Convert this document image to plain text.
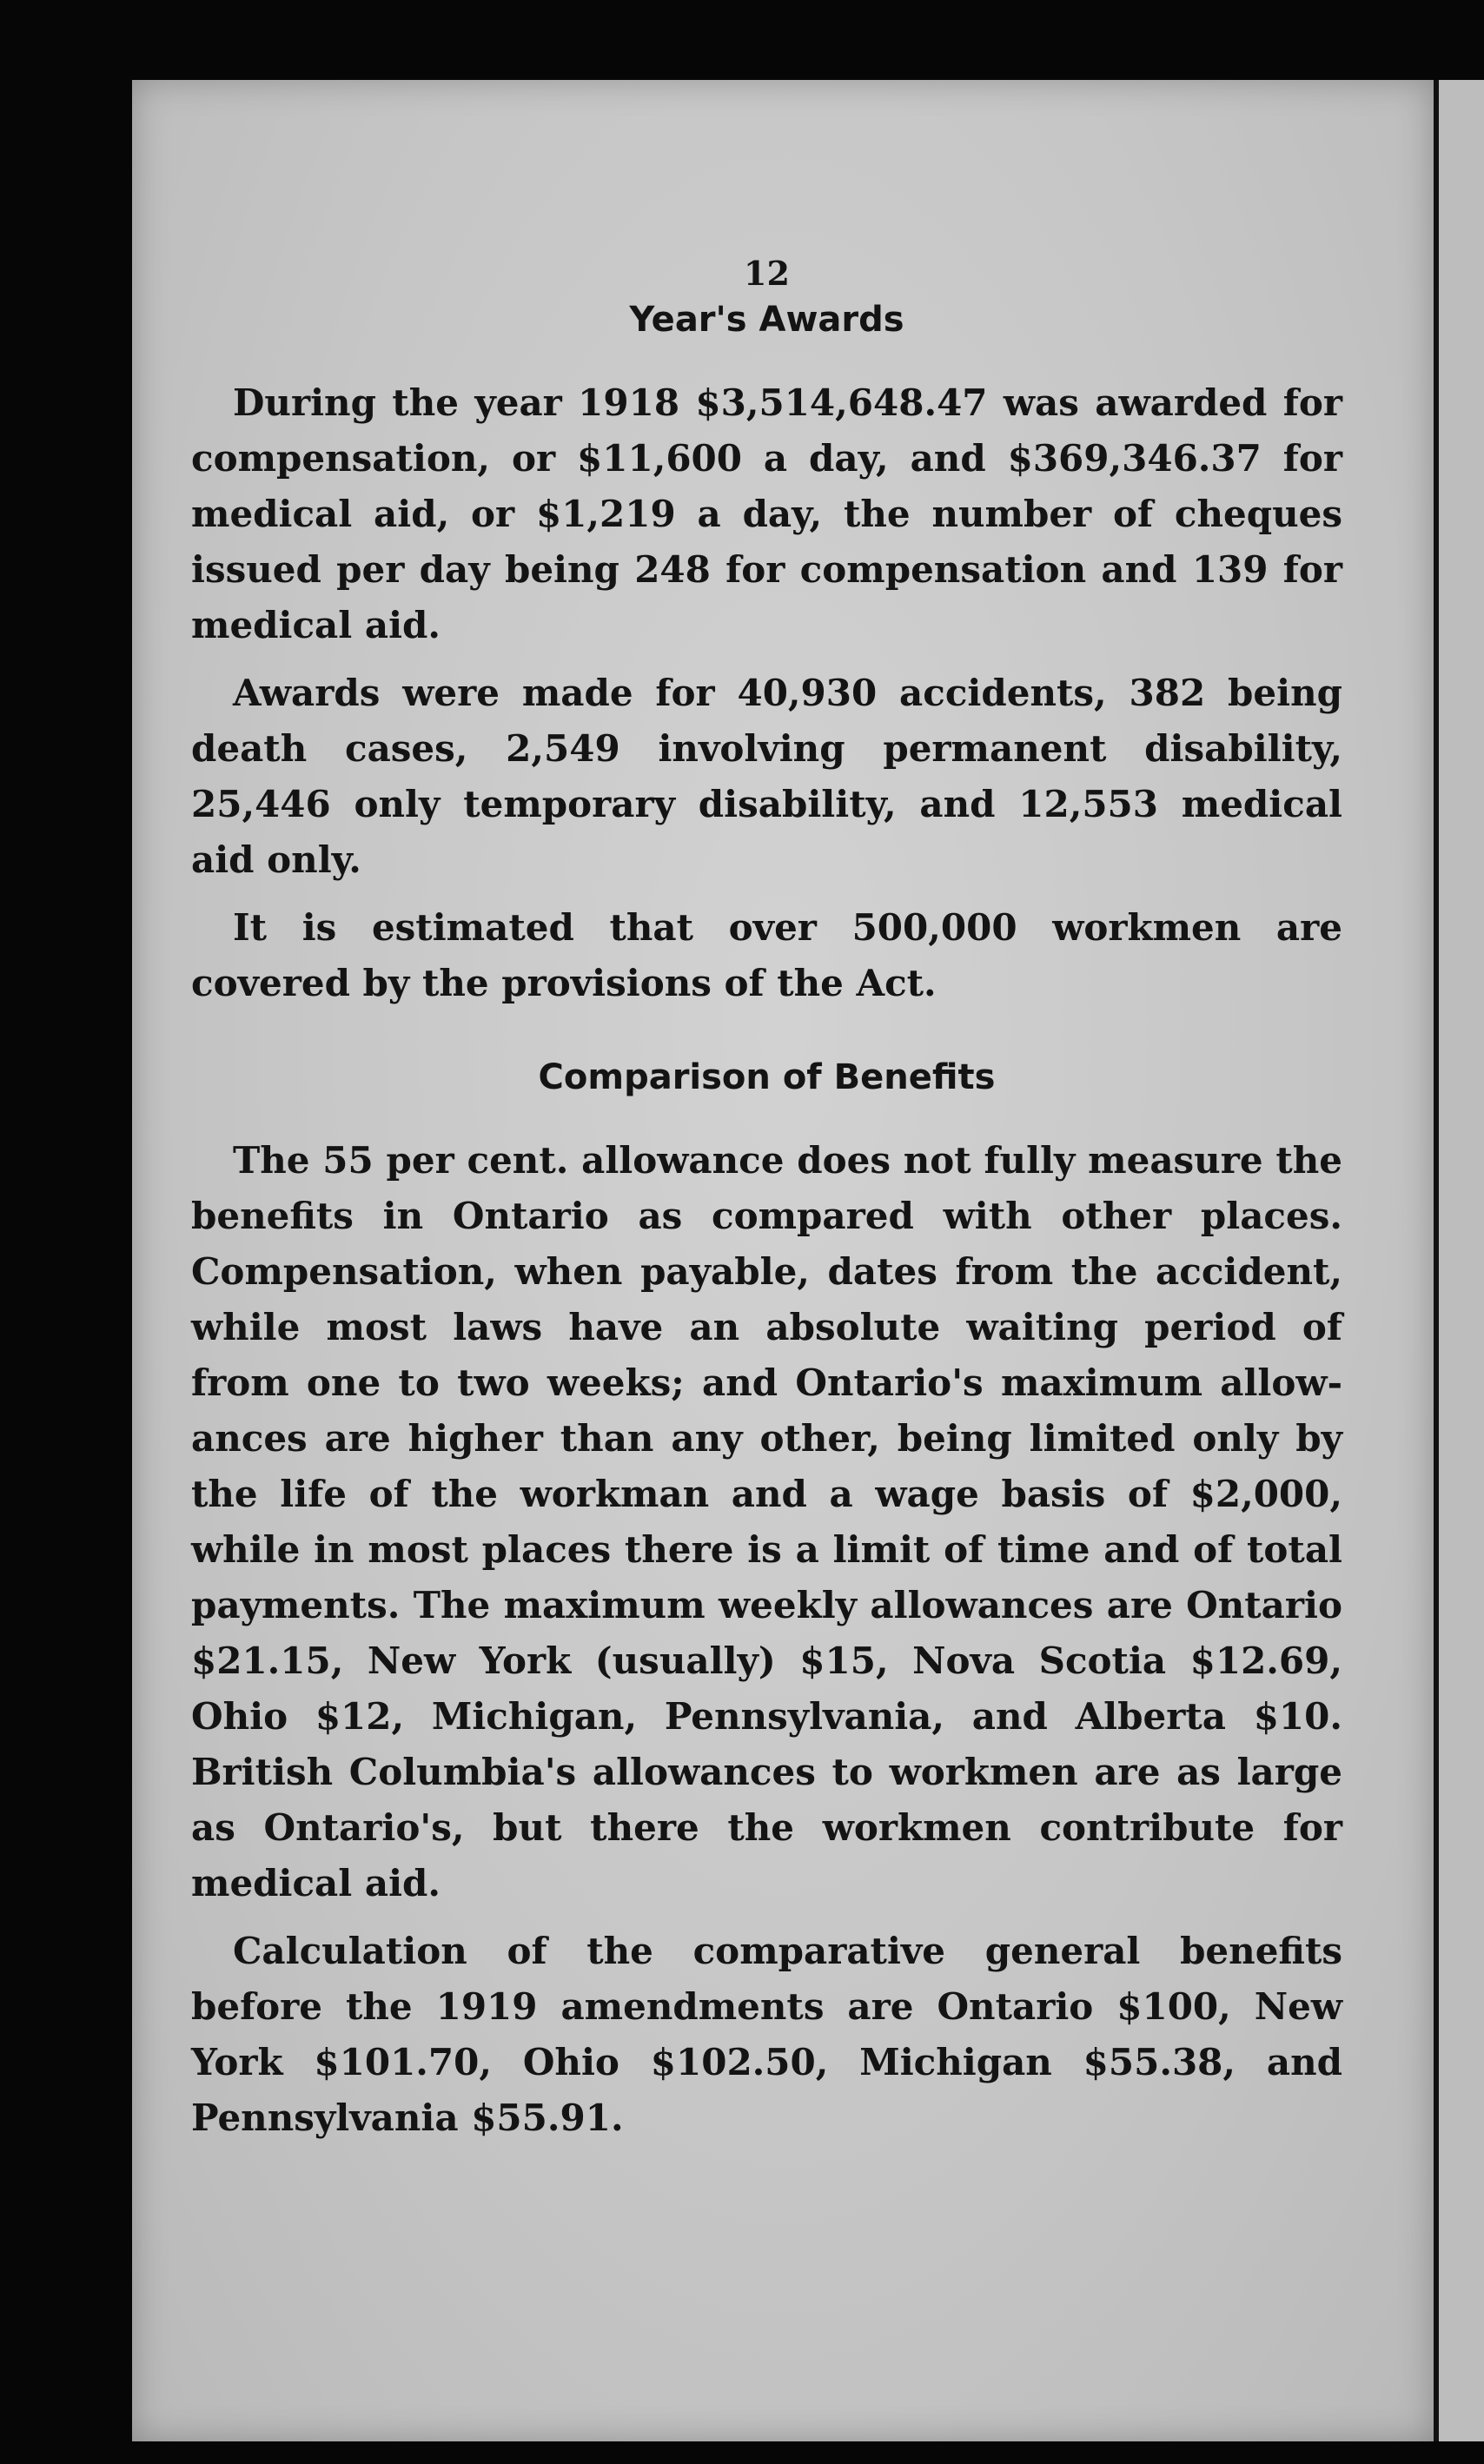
12
Year's Awards

During the year 1918 $3,514,648.47 was awarded for compensation, or $11,600 a day, and $369,346.37 for medical aid, or $1,219 a day, the number of cheques issued per day being 248 for compensation and 139 for medical aid.

Awards were made for 40,930 accidents, 382 being death cases, 2,549 involving permanent disability, 25,446 only temporary disability, and 12,553 medical aid only.

It is estimated that over 500,000 workmen are covered by the provisions of the Act.

Comparison of Benefits

The 55 per cent. allowance does not fully measure the benefits in Ontario as compared with other places. Compensation, when payable, dates from the accident, while most laws have an absolute waiting period of from one to two weeks; and Ontario's maximum allowances are higher than any other, being limited only by the life of the workman and a wage basis of $2,000, while in most places there is a limit of time and of total payments. The maximum weekly allowances are Ontario $21.15, New York (usually) $15, Nova Scotia $12.69, Ohio $12, Michigan, Pennsylvania, and Alberta $10. British Columbia's allowances to workmen are as large as Ontario's, but there the workmen contribute for medical aid.

Calculation of the comparative general benefits before the 1919 amendments are Ontario $100, New York $101.70, Ohio $102.50, Michigan $55.38, and Pennsylvania $55.91.
